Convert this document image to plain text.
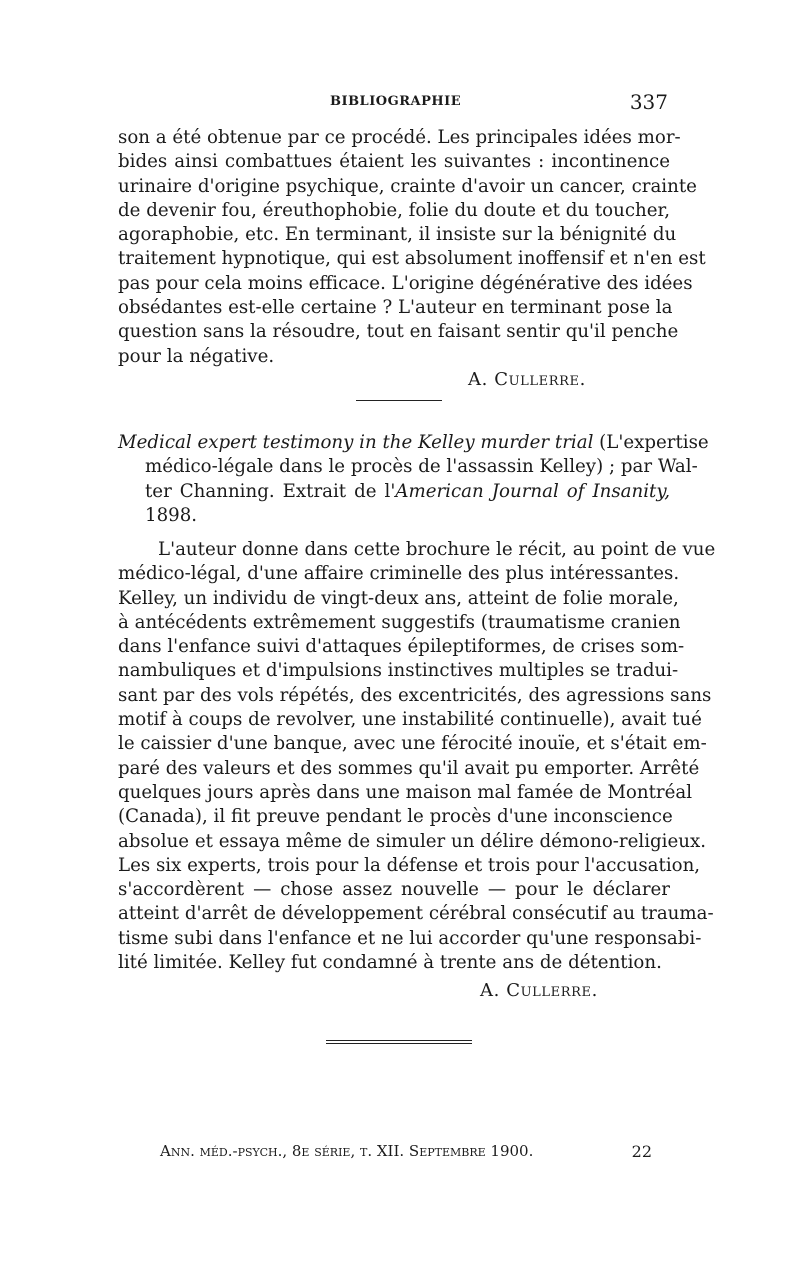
BIBLIOGRAPHIE	337
son a été obtenue par ce procédé. Les principales idées mor-
bides ainsi combattues étaient les suivantes : incontinence
urinaire d'origine psychique, crainte d'avoir un cancer, crainte
de devenir fou, éreuthophobie, folie du doute et du toucher,
agoraphobie, etc. En terminant, il insiste sur la bénignité du
traitement hypnotique, qui est absolument inoffensif et n'en est
pas pour cela moins efficace. L'origine dégénérative des idées
obsédantes est-elle certaine ? L'auteur en terminant pose la
question sans la résoudre, tout en faisant sentir qu'il penche
pour la négative.
A. Cullerre.
Medical expert testimony in the Kelley murder trial (L'expertise
médico-légale dans le procès de l'assassin Kelley) ; par Wal-
ter Channing. Extrait de l'American Journal of Insanity,
1898.
L'auteur donne dans cette brochure le récit, au point de vue
médico-légal, d'une affaire criminelle des plus intéressantes.
Kelley, un individu de vingt-deux ans, atteint de folie morale,
à antécédents extrêmement suggestifs (traumatisme cranien
dans l'enfance suivi d'attaques épileptiformes, de crises som-
nambuliques et d'impulsions instinctives multiples se tradui-
sant par des vols répétés, des excentricités, des agressions sans
motif à coups de revolver, une instabilité continuelle), avait tué
le caissier d'une banque, avec une férocité inouïe, et s'était em-
paré des valeurs et des sommes qu'il avait pu emporter. Arrêté
quelques jours après dans une maison mal famée de Montréal
(Canada), il fit preuve pendant le procès d'une inconscience
absolue et essaya même de simuler un délire démono-religieux.
Les six experts, trois pour la défense et trois pour l'accusation,
s'accordèrent — chose assez nouvelle — pour le déclarer
atteint d'arrêt de développement cérébral consécutif au trauma-
tisme subi dans l'enfance et ne lui accorder qu'une responsabi-
lité limitée. Kelley fut condamné à trente ans de détention.
A. Cullerre.
Ann. méd.-psych., 8e série, t. XII. Septembre 1900.	22
